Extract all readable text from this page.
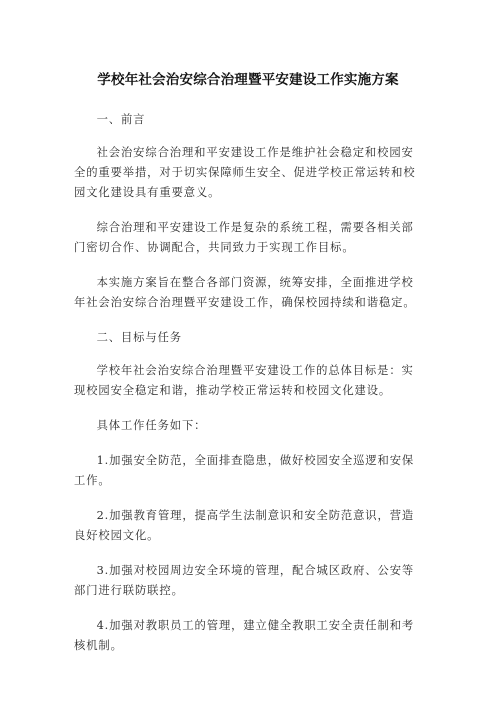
学校年社会治安综合治理暨平安建设工作实施方案

一、前言

社会治安综合治理和平安建设工作是维护社会稳定和校园安全的重要举措，对于切实保障师生安全、促进学校正常运转和校园文化建设具有重要意义。

综合治理和平安建设工作是复杂的系统工程，需要各相关部门密切合作、协调配合，共同致力于实现工作目标。

本实施方案旨在整合各部门资源，统筹安排，全面推进学校年社会治安综合治理暨平安建设工作，确保校园持续和谐稳定。

二、目标与任务

学校年社会治安综合治理暨平安建设工作的总体目标是：实现校园安全稳定和谐，推动学校正常运转和校园文化建设。

具体工作任务如下：

1.加强安全防范，全面排查隐患，做好校园安全巡逻和安保工作。

2.加强教育管理，提高学生法制意识和安全防范意识，营造良好校园文化。

3.加强对校园周边安全环境的管理，配合城区政府、公安等部门进行联防联控。

4.加强对教职员工的管理，建立健全教职工安全责任制和考核机制。
